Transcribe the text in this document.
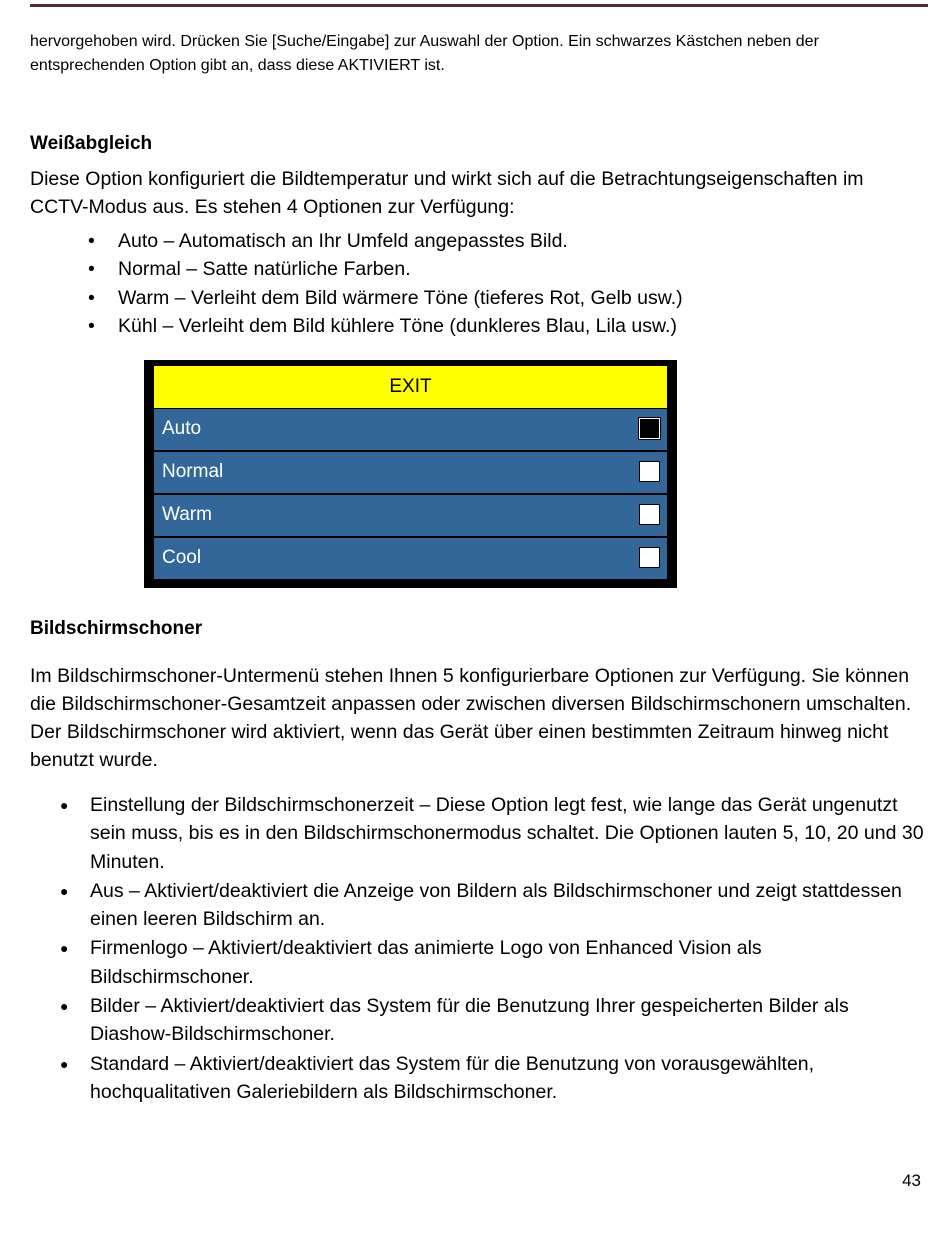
hervorgehoben wird. Drücken Sie [Suche/Eingabe] zur Auswahl der Option. Ein schwarzes Kästchen neben der entsprechenden Option gibt an, dass diese AKTIVIERT ist.
Weißabgleich
Diese Option konfiguriert die Bildtemperatur und wirkt sich auf die Betrachtungseigenschaften im CCTV-Modus aus. Es stehen 4 Optionen zur Verfügung:
• Auto – Automatisch an Ihr Umfeld angepasstes Bild.
• Normal – Satte natürliche Farben.
• Warm – Verleiht dem Bild wärmere Töne (tieferes Rot, Gelb usw.)
• Kühl – Verleiht dem Bild kühlere Töne (dunkleres Blau, Lila usw.)
EXIT
Auto
Normal
Warm
Cool
Bildschirmschoner
Im Bildschirmschoner-Untermenü stehen Ihnen 5 konfigurierbare Optionen zur Verfügung. Sie können die Bildschirmschoner-Gesamtzeit anpassen oder zwischen diversen Bildschirmschonern umschalten. Der Bildschirmschoner wird aktiviert, wenn das Gerät über einen bestimmten Zeitraum hinweg nicht benutzt wurde.
● Einstellung der Bildschirmschonerzeit – Diese Option legt fest, wie lange das Gerät ungenutzt sein muss, bis es in den Bildschirmschonermodus schaltet. Die Optionen lauten 5, 10, 20 und 30 Minuten.
● Aus – Aktiviert/deaktiviert die Anzeige von Bildern als Bildschirmschoner und zeigt stattdessen einen leeren Bildschirm an.
● Firmenlogo – Aktiviert/deaktiviert das animierte Logo von Enhanced Vision als Bildschirmschoner.
● Bilder – Aktiviert/deaktiviert das System für die Benutzung Ihrer gespeicherten Bilder als Diashow-Bildschirmschoner.
● Standard – Aktiviert/deaktiviert das System für die Benutzung von vorausgewählten, hochqualitativen Galeriebildern als Bildschirmschoner.
43
